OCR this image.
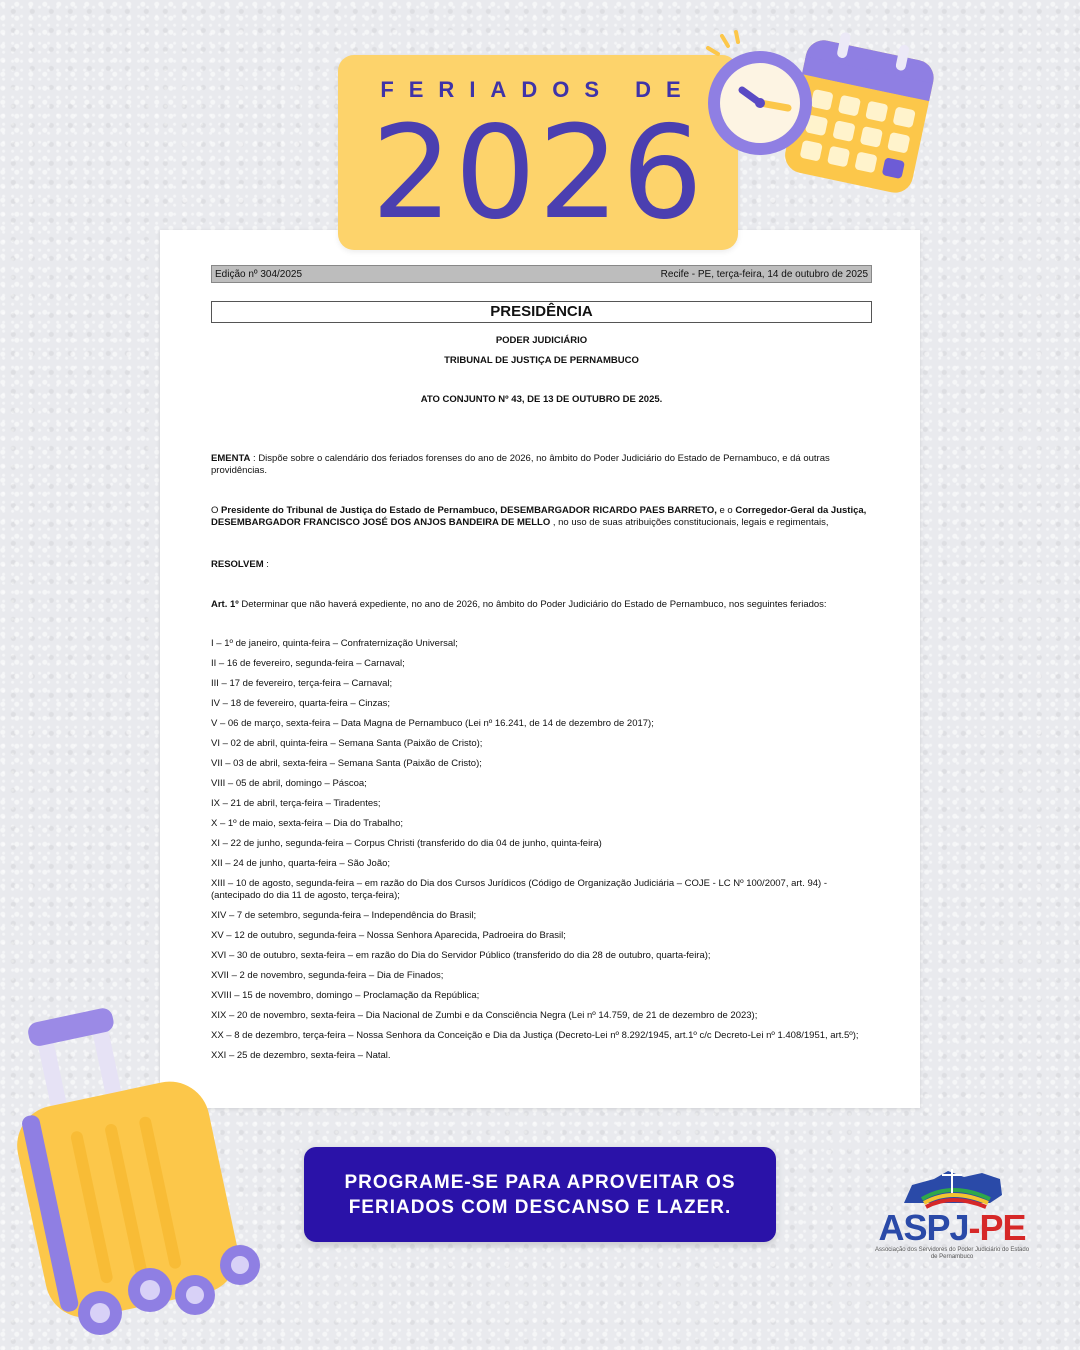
FERIADOS DE
2026
Edição nº 304/2025	Recife - PE, terça-feira, 14 de outubro de 2025
PRESIDÊNCIA
PODER JUDICIÁRIO
TRIBUNAL DE JUSTIÇA DE PERNAMBUCO
ATO CONJUNTO Nº 43, DE 13 DE OUTUBRO DE 2025.
EMENTA : Dispõe sobre o calendário dos feriados forenses do ano de 2026, no âmbito do Poder Judiciário do Estado de Pernambuco, e dá outras providências.
O Presidente do Tribunal de Justiça do Estado de Pernambuco, DESEMBARGADOR RICARDO PAES BARRETO, e o Corregedor-Geral da Justiça, DESEMBARGADOR FRANCISCO JOSÉ DOS ANJOS BANDEIRA DE MELLO , no uso de suas atribuições constitucionais, legais e regimentais,
RESOLVEM :
Art. 1º Determinar que não haverá expediente, no ano de 2026, no âmbito do Poder Judiciário do Estado de Pernambuco, nos seguintes feriados:
I – 1º de janeiro, quinta-feira – Confraternização Universal;
II – 16 de fevereiro, segunda-feira – Carnaval;
III – 17 de fevereiro, terça-feira – Carnaval;
IV – 18 de fevereiro, quarta-feira – Cinzas;
V – 06 de março, sexta-feira – Data Magna de Pernambuco (Lei nº 16.241, de 14 de dezembro de 2017);
VI – 02 de abril, quinta-feira – Semana Santa (Paixão de Cristo);
VII – 03 de abril, sexta-feira – Semana Santa (Paixão de Cristo);
VIII – 05 de abril, domingo – Páscoa;
IX – 21 de abril, terça-feira – Tiradentes;
X – 1º de maio, sexta-feira – Dia do Trabalho;
XI – 22 de junho, segunda-feira – Corpus Christi (transferido do dia 04 de junho, quinta-feira)
XII – 24 de junho, quarta-feira – São João;
XIII – 10 de agosto, segunda-feira – em razão do Dia dos Cursos Jurídicos (Código de Organização Judiciária – COJE - LC Nº 100/2007, art. 94) - (antecipado do dia 11 de agosto, terça-feira);
XIV – 7 de setembro, segunda-feira – Independência do Brasil;
XV – 12 de outubro, segunda-feira – Nossa Senhora Aparecida, Padroeira do Brasil;
XVI – 30 de outubro, sexta-feira – em razão do Dia do Servidor Público (transferido do dia 28 de outubro, quarta-feira);
XVII – 2 de novembro, segunda-feira – Dia de Finados;
XVIII – 15 de novembro, domingo – Proclamação da República;
XIX – 20 de novembro, sexta-feira – Dia Nacional de Zumbi e da Consciência Negra (Lei nº 14.759, de 21 de dezembro de 2023);
XX – 8 de dezembro, terça-feira – Nossa Senhora da Conceição e Dia da Justiça (Decreto-Lei nº 8.292/1945, art.1º c/c Decreto-Lei nº 1.408/1951, art.5º);
XXI – 25 de dezembro, sexta-feira – Natal.
PROGRAME-SE PARA APROVEITAR OS FERIADOS COM DESCANSO E LAZER.	ASPJ-PE
Associação dos Servidores do Poder Judiciário do Estado de Pernambuco
